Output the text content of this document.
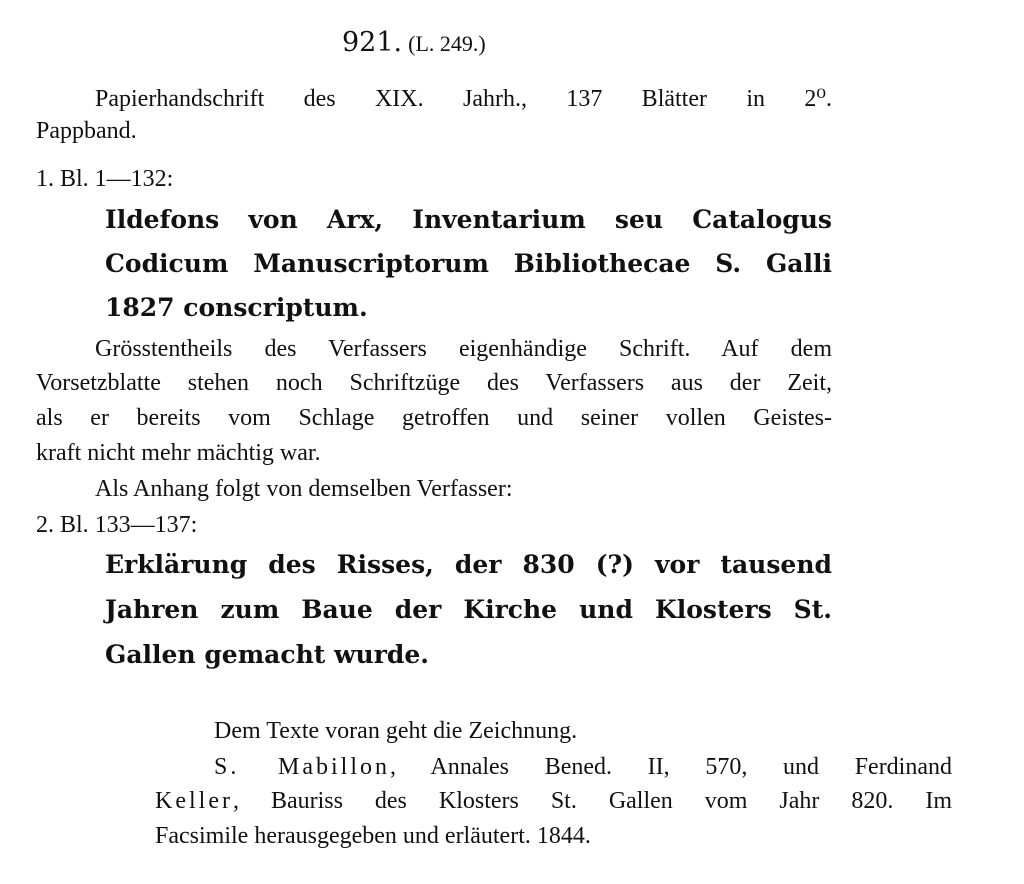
921. (L. 249.)
Papierhandschrift des XIX. Jahrh., 137 Blätter in 2⁰.
Pappband.
1. Bl. 1—132:
Ildefons von Arx, Inventarium seu Catalogus
Codicum Manuscriptorum Bibliothecae S. Galli
1827 conscriptum.
Grösstentheils des Verfassers eigenhändige Schrift. Auf dem
Vorsetzblatte stehen noch Schriftzüge des Verfassers aus der Zeit,
als er bereits vom Schlage getroffen und seiner vollen Geistes-
kraft nicht mehr mächtig war.
Als Anhang folgt von demselben Verfasser:
2. Bl. 133—137:
Erklärung des Risses, der 830 (?) vor tausend
Jahren zum Baue der Kirche und Klosters St.
Gallen gemacht wurde.
Dem Texte voran geht die Zeichnung.
S. Mabillon, Annales Bened. II, 570, und Ferdinand
Keller, Bauriss des Klosters St. Gallen vom Jahr 820. Im
Facsimile herausgegeben und erläutert. 1844.
